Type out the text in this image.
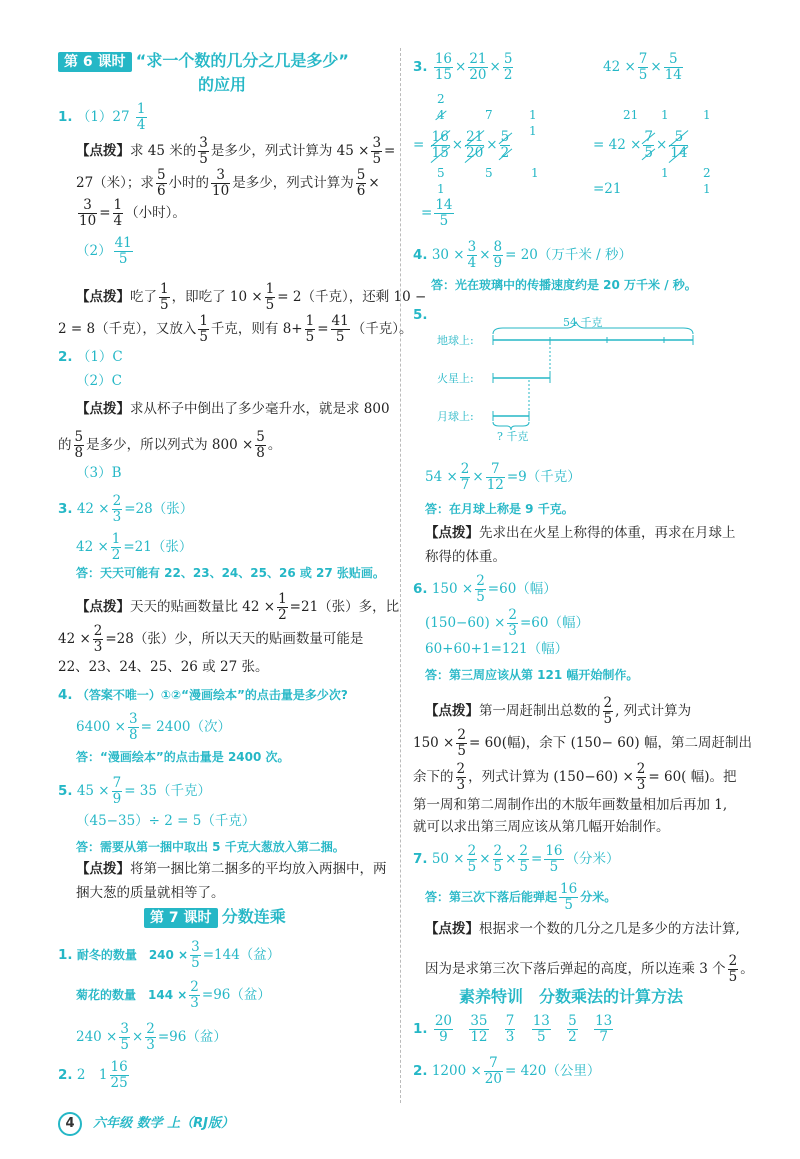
第 6 课时 “求一个数的几分之几是多少”
的应用
1. $(1)27 \frac{1}{4}$
【点拨】求 45 米的 $\frac{3}{5}$ 是多少，列式计算为 $45 \times \frac{3}{5}$ =
27（米）；求 $\frac{5}{6}$ 小时的 $\frac{3}{10}$ 是多少，列式计算为 $\frac{5}{6}$ ×
$\frac{3}{10} = \frac{1}{4}$ （小时）。
$(2) \frac{41}{5}$
【点拨】吃了 $\frac{1}{5}$ ，即吃了 $10 \times \frac{1}{5} = 2$（千克），还剩 10 −
2 = 8（千克），又放入 $\frac{1}{5}$ 千克，则有 $8+ \frac{1}{5} = \frac{41}{5}$ （千克）。
2. （1）C
（2）C
【点拨】求从杯子中倒出了多少毫升水，就是求 800
的 $\frac{5}{8}$ 是多少，所以列式为 $800 \times \frac{5}{8}$ 。
（3）B
3. $42 \times \frac{2}{3} =28$（张）
$42 \times \frac{1}{2} =21$（张）
答：天天可能有 22、23、24、25、26 或 27 张贴画。
【点拨】天天的贴画数量比 $42 \times \frac{1}{2} =21$（张）多，比
$42 \times \frac{2}{3} =28$（张）少，所以天天的贴画数量可能是
22、23、24、25、26 或 27 张。
4. （答案不唯一）①②“漫画绘本”的点击量是多少次?
$6400 \times \frac{3}{8} = 2400$（次）
答：“漫画绘本”的点击量是 2400 次。
5. $45 \times \frac{7}{9} = 35$（千克）
（45−35）÷ 2 = 5（千克）
答：需要从第一捆中取出 5 千克大葱放入第二捆。
【点拨】将第一捆比第二捆多的平均放入两捆中，两
捆大葱的质量就相等了。
第 7 课时 分数连乘
1. 耐冬的数量　$240 \times \frac{3}{5} =144$（盆）
菊花的数量　$144 \times \frac{2}{3} =96$（盆）
$240 \times \frac{3}{5} \times \frac{2}{3} =96$（盆）
2. 2　$1 \frac{16}{25}$
3. $\frac{16}{15} \times \frac{21}{20} \times \frac{5}{2}$	$42 \times \frac{7}{5} \times \frac{5}{14}$
2
4	7	1
1
= $\frac{16}{15} \times \frac{21}{20} \times \frac{5}{2}$
5	5	1
1
21 1	1
= $42 \times \frac{7}{5} \times \frac{5}{14}$
1	2
1
=21
= $\frac{14}{5}$
4. $30 \times \frac{3}{4} \times \frac{8}{9} = 20$（万千米 / 秒）
答：光在玻璃中的传播速度约是 20 万千米 / 秒。
5.	54 千克
地球上:
火星上:
月球上:
? 千克
$54 \times \frac{2}{7} \times \frac{7}{12} =9$（千克）
答：在月球上称是 9 千克。
【点拨】先求出在火星上称得的体重，再求在月球上
称得的体重。
6. $150 \times \frac{2}{5} =60$（幅）
$(150-60) \times \frac{2}{3} =60$（幅）
60+60+1=121（幅）
答：第三周应该从第 121 幅开始制作。
【点拨】第一周赶制出总数的 $\frac{2}{5}$ , 列式计算为
$150 \times \frac{2}{5} = 60$(幅)，余下 (150− 60) 幅，第二周赶制出
余下的 $\frac{2}{3}$ ，列式计算为 $(150-60) \times \frac{2}{3} = 60$( 幅)。把
第一周和第二周制作出的木版年画数量相加后再加 1,
就可以求出第三周应该从第几幅开始制作。
7. $50 \times \frac{2}{5} \times \frac{2}{5} \times \frac{2}{5} = \frac{16}{5}$ （分米）
答：第三次下落后能弹起 $\frac{16}{5}$ 分米。
【点拨】根据求一个数的几分之几是多少的方法计算,
因为是求第三次下落后弹起的高度，所以连乘 3 个 $\frac{2}{5}$ 。
素养特训　分数乘法的计算方法
1. $\frac{20}{9}$
$\frac{35}{12}$
$\frac{7}{3}$
$\frac{13}{5}$
$\frac{5}{2}$
$\frac{13}{7}$
2. $1200 \times \frac{7}{20} = 420$（公里）
4 六年级 数学 上（RJ版）
